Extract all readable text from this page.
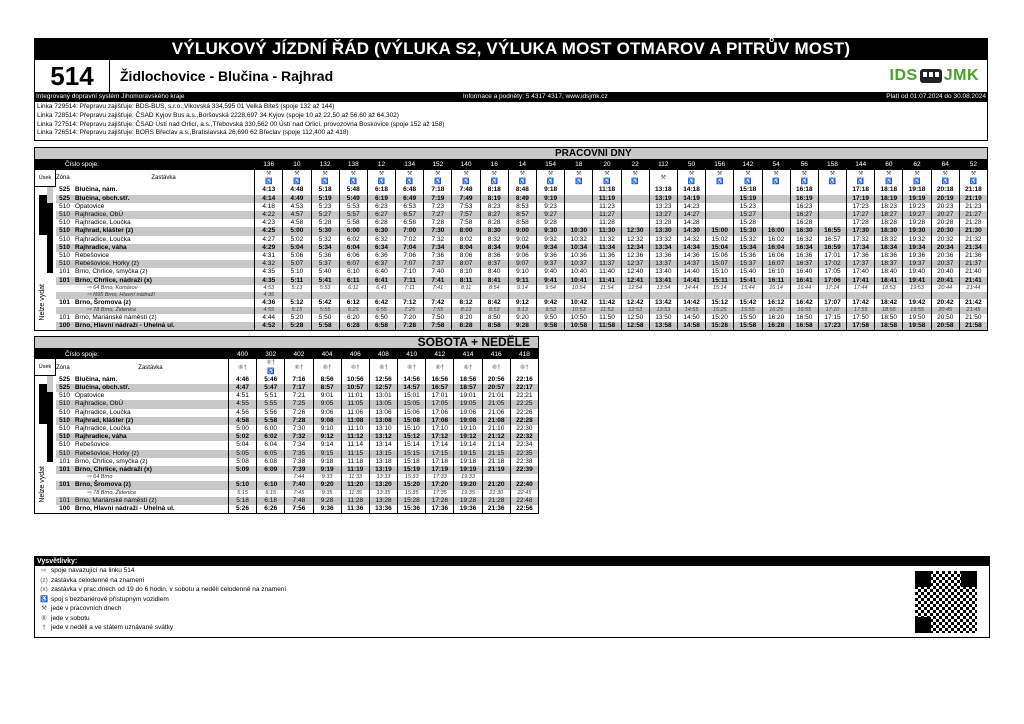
VÝLUKOVÝ JÍZDNÍ ŘÁD (VÝLUKA S2, VÝLUKA MOST OTMAROV A PITRŮV MOST)
514	Židlochovice - Blučina - Rajhrad	IDS JMK
Integrovaný dopravní systém Jihomoravského kraje	Informace a podněty: 5 4317 4317, www.idsjmk.cz	Platí od 01.07.2024 do 30.08.2024
Linka 729514: Přepravu zajišťuje: BDS-BUS, s.r.o.,Vlkovská 334,595 01 Velká Bíteš (spoje 132 až 144)
Linka 728514: Přepravu zajišťuje: ČSAD Kyjov Bus a.s.,Boršovská 2228,697 34 Kyjov (spoje 10 až 22,50 až 56,60 až 64,302)
Linka 727514: Přepravu zajišťuje: ČSAD Ústí nad Orlicí, a.s.,Třebovská 330,562 00 Ústí nad Orlicí, provozovna Boskovice (spoje 152 až 158)
Linka 726514: Přepravu zajišťuje: BORS Břeclav a.s.,Bratislavská 26,690 62 Břeclav (spoje 112,400 až 418)
PRACOVNÍ DNY
Číslo spoje:			136	10	132	138	12	134	152	140	16	14	154	18	20	22	112	50	156	142	54	56	158	144	60	62	64	52
Úsek	Zóna	Zastávka	⚒
♿	⚒
♿	⚒
♿	⚒
♿	⚒
♿	⚒
♿	⚒
♿	⚒
♿	⚒
♿	⚒
♿	⚒
♿	⚒
♿	⚒
♿	⚒
♿	⚒	⚒
♿	⚒
♿	⚒
♿	⚒
♿	⚒
♿	⚒
♿	⚒
♿	⚒
♿	⚒
♿	⚒
♿	⚒
♿

Nelze vydat	525	Blučina, nám.	4:13	4:48	5:18	5:48	6:18	6:48	7:18	7:48	8:18	8:48	9:18		11:18		13:18	14:18		15:18		16:18		17:18	18:18	19:18	20:18	21:18
	525	Blučina, obch.stř.	4:14	4:49	5:19	5:49	6:19	6:49	7:19	7:49	8:19	8:49	9:19		11:19		13:19	14:19		15:19		16:19		17:19	18:19	19:19	20:19	21:19
	510	Opatovice	4:18	4:53	5:23	5:53	6:23	6:53	7:23	7:53	8:23	8:53	9:23		11:23		13:23	14:23		15:23		16:23		17:23	18:23	19:23	20:23	21:23
	510	Rajhradice, ObÚ	4:22	4:57	5:27	5:57	6:27	6:57	7:27	7:57	8:27	8:57	9:27		11:27		13:27	14:27		15:27		16:27		17:27	18:27	19:27	20:27	21:27
	510	Rajhradice, Loučka	4:23	4:58	5:28	5:58	6:28	6:58	7:28	7:58	8:28	8:58	9:28		11:28		13:28	14:28		15:28		16:28		17:28	18:28	19:28	20:28	21:28
	510	Rajhrad, klášter (z)	4:25	5:00	5:30	6:00	6:30	7:00	7:30	8:00	8:30	9:00	9:30	10:30	11:30	12:30	13:30	14:30	15:00	15:30	16:00	16:30	16:55	17:30	18:30	19:30	20:30	21:30
	510	Rajhradice, Loučka	4:27	5:02	5:32	6:02	6:32	7:02	7:32	8:02	8:32	9:02	9:32	10:32	11:32	12:32	13:32	14:32	15:02	15:32	16:02	16:32	16:57	17:32	18:32	19:32	20:32	21:32
	510	Rajhradice, váha	4:29	5:04	5:34	6:04	6:34	7:04	7:34	8:04	8:34	9:04	9:34	10:34	11:34	12:34	13:34	14:34	15:04	15:34	16:04	16:34	16:59	17:34	18:34	19:34	20:34	21:34
	510	Rebešovice	4:31	5:06	5:36	6:06	6:36	7:06	7:36	8:06	8:36	9:06	9:36	10:36	11:36	12:36	13:36	14:36	15:06	15:36	16:06	16:36	17:01	17:36	18:36	19:36	20:36	21:36
	510	Rebešovice, Horky (z)	4:32	5:07	5:37	6:07	6:37	7:07	7:37	8:07	8:37	9:07	9:37	10:37	11:37	12:37	13:37	14:37	15:07	15:37	16:07	16:37	17:02	17:37	18:37	19:37	20:37	21:37
	101	Brno, Chrlice, smyčka (z)	4:35	5:10	5:40	6:10	6:40	7:10	7:40	8:10	8:40	9:10	9:40	10:40	11:40	12:40	13:40	14:40	15:10	15:40	16:10	16:40	17:05	17:40	18:40	19:40	20:40	21:40
	101	Brno, Chrlice, nádraží (x)	4:35	5:11	5:41	6:11	6:41	7:11	7:41	8:11	8:41	9:11	9:41	10:41	11:41	12:41	13:41	14:41	15:11	15:41	16:11	16:41	17:06	17:41	18:41	19:41	20:41	21:41
		⇨ 64 Brno, Komárov	4:53	5:13	5:53	6:11	6:41	7:11	7:41	8:11	8:54	9:14	9:54	10:54	11:54	12:54	13:54	14:44	15:14	15:44	16:14	16:44	17:14	17:44	18:53	19:53	20:44	21:44
		⇨ N95 Brno, Hlavní nádraží	4:35																									
	101	Brno, Šromova (z)	4:36	5:12	5:42	6:12	6:42	7:12	7:42	8:12	8:42	9:12	9:42	10:42	11:42	12:42	13:42	14:42	15:12	15:42	16:12	16:42	17:07	17:42	18:42	19:42	20:42	21:42
		⇨ 78 Brno, Židenice	4:55	5:15	5:55	6:25	6:55	7:25	7:55	8:13	8:53	9:13	9:53	10:53	11:53	12:53	13:53	14:55	15:25	15:55	16:25	16:55	17:10	17:55	18:55	19:55	20:45	21:45
	101	Brno, Mariánské náměstí (z)	4:44	5:20	5:50	6:20	6:50	7:20	7:50	8:20	8:50	9:20	9:50	10:50	11:50	12:50	13:50	14:50	15:20	15:50	16:20	16:50	17:15	17:50	18:50	19:50	20:50	21:50
	100	Brno, Hlavní nádraží - Uhelná ul.	4:52	5:28	5:58	6:28	6:58	7:28	7:58	8:28	8:58	9:28	9:58	10:58	11:58	12:58	13:58	14:58	15:28	15:58	16:28	16:58	17:23	17:58	18:58	19:58	20:58	21:58
SOBOTA + NEDĚLE
Číslo spoje:			400	302	402	404	406	408	410	412	414	416	418
Úsek	Zóna	Zastávka	⑥†	⑥†
♿	⑥†	⑥†	⑥†	⑥†	⑥†	⑥†	⑥†	⑥†	⑥†

Nelze vydat	525	Blučina, nám.	4:46	5:46	7:16	8:56	10:56	12:56	14:56	16:56	18:56	20:56	22:16
	525	Blučina, obch.stř.	4:47	5:47	7:17	8:57	10:57	12:57	14:57	16:57	18:57	20:57	22:17
	510	Opatovice	4:51	5:51	7:21	9:01	11:01	13:01	15:01	17:01	19:01	21:01	22:21
	510	Rajhradice, ObÚ	4:55	5:55	7:25	9:05	11:05	13:05	15:05	17:05	19:05	21:05	22:25
	510	Rajhradice, Loučka	4:56	5:56	7:26	9:06	11:06	13:06	15:06	17:06	19:06	21:06	22:26
	510	Rajhrad, klášter (z)	4:58	5:58	7:28	9:08	11:08	13:08	15:08	17:08	19:08	21:08	22:28
	510	Rajhradice, Loučka	5:00	6:00	7:30	9:10	11:10	13:10	15:10	17:10	19:10	21:10	22:30
	510	Rajhradice, váha	5:02	6:02	7:32	9:12	11:12	13:12	15:12	17:12	19:12	21:12	22:32
	510	Rebešovice	5:04	6:04	7:34	9:14	11:14	13:14	15:14	17:14	19:14	21:14	22:34
	510	Rebešovice, Horky (z)	5:05	6:05	7:35	9:15	11:15	13:15	15:15	17:15	19:15	21:15	22:35
	101	Brno, Chrlice, smyčka (z)	5:08	6:08	7:38	9:18	11:18	13:18	15:18	17:18	19:18	21:18	22:38
	101	Brno, Chrlice, nádraží (x)	5:09	6:09	7:39	9:19	11:19	13:19	15:19	17:19	19:19	21:19	22:39
		⇨ 64 Brno			7:44	9:33	11:33	13:33	15:33	17:33	19:33		
	101	Brno, Šromova (z)	5:10	6:10	7:40	9:20	11:20	13:20	15:20	17:20	19:20	21:20	22:40
		⇨ 78 Brno, Židenice	5:15	6:15	7:45	9:35	11:35	13:35	15:35	17:35	19:35	21:30	22:45
	101	Brno, Mariánské náměstí (z)	5:18	6:18	7:48	9:28	11:28	13:28	15:28	17:28	19:28	21:28	22:48
	100	Brno, Hlavní nádraží - Uhelná ul.	5:26	6:26	7:56	9:36	11:36	13:36	15:36	17:36	19:36	21:36	22:56
Vysvětlivky:
⇨ spoje navazující na linku 514
(z) zastávka celodenně na znamení
(x) zastávka v prac.dnech od 19 do 6 hodin, v sobotu a neděli celodenně na znamení
♿ spoj s bezbariérově přístupným vozidlem
⚒ jede v pracovních dnech
⑥ jede v sobotu
† jede v neděli a ve státem uznávané svátky
